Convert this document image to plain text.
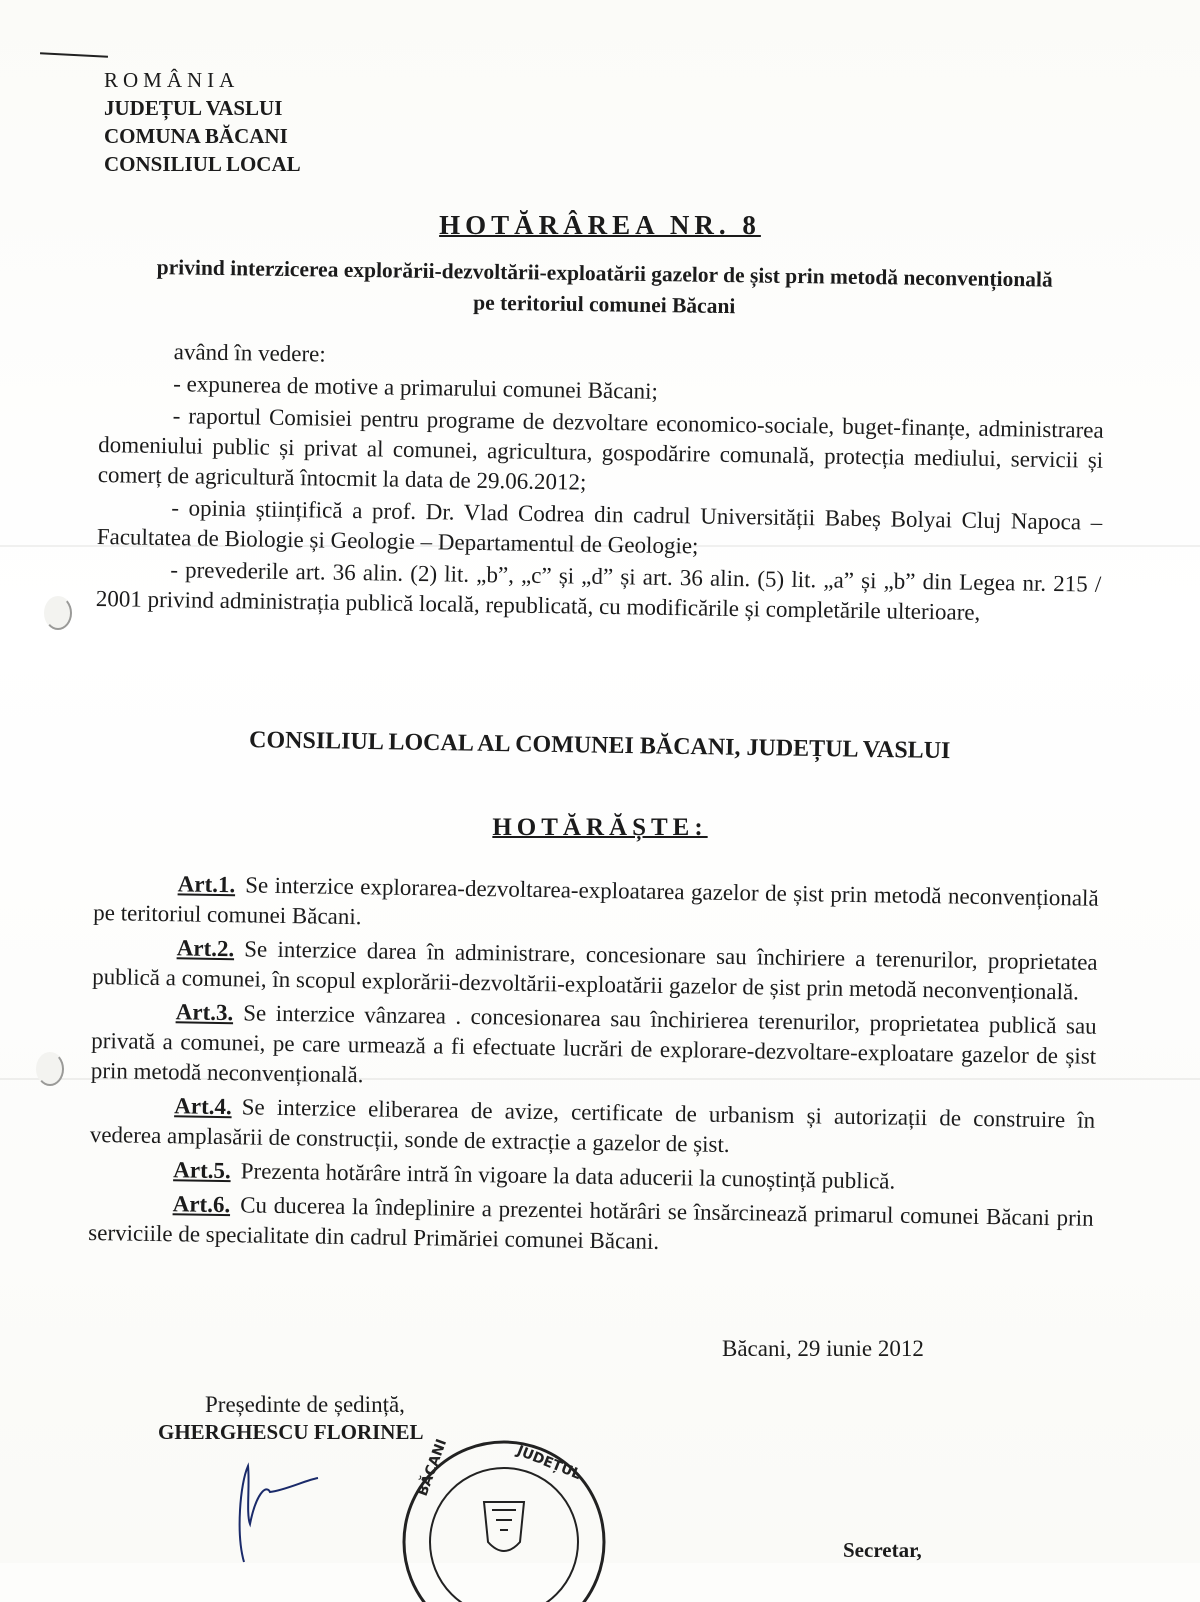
ROMÂNIA
JUDEȚUL VASLUI
COMUNA BĂCANI
CONSILIUL LOCAL
HOTĂRÂREA NR. 8
privind interzicerea explorării-dezvoltării-exploatării gazelor de șist prin metodă neconvențională pe teritoriul comunei Băcani

având în vedere:

- expunerea de motive a primarului comunei Băcani;

- raportul Comisiei pentru programe de dezvoltare economico-sociale, buget-finanțe, administrarea domeniului public și privat al comunei, agricultura, gospodărire comunală, protecția mediului, servicii și comerț de agricultură întocmit la data de 29.06.2012;

- opinia științifică a prof. Dr. Vlad Codrea din cadrul Universității Babeș Bolyai Cluj Napoca – Facultatea de Biologie și Geologie – Departamentul de Geologie;

- prevederile art. 36 alin. (2) lit. „b”, „c” și „d” și art. 36 alin. (5) lit. „a” și „b” din Legea nr. 215 / 2001 privind administrația publică locală, republicată, cu modificările și completările ulterioare,

CONSILIUL LOCAL AL COMUNEI BĂCANI, JUDEȚUL VASLUI
HOTĂRĂȘTE:

Art.1. Se interzice explorarea-dezvoltarea-exploatarea gazelor de șist prin metodă neconvențională pe teritoriul comunei Băcani.

Art.2. Se interzice darea în administrare, concesionare sau închiriere a terenurilor, proprietatea publică a comunei, în scopul explorării-dezvoltării-exploatării gazelor de șist prin metodă neconvențională.

Art.3. Se interzice vânzarea . concesionarea sau închirierea terenurilor, proprietatea publică sau privată a comunei, pe care urmează a fi efectuate lucrări de explorare-dezvoltare-exploatare gazelor de șist prin metodă neconvențională.

Art.4. Se interzice eliberarea de avize, certificate de urbanism și autorizații de construire în vederea amplasării de construcții, sonde de extracție a gazelor de șist.

Art.5. Prezenta hotărâre intră în vigoare la data aducerii la cunoștință publică.

Art.6. Cu ducerea la îndeplinire a prezentei hotărâri se însărcinează primarul comunei Băcani prin serviciile de specialitate din cadrul Primăriei comunei Băcani.

Băcani, 29 iunie 2012
Președinte de ședință,
GHERGHESCU FLORINEL
BĂCANI	JUDEȚUL
Secretar,
